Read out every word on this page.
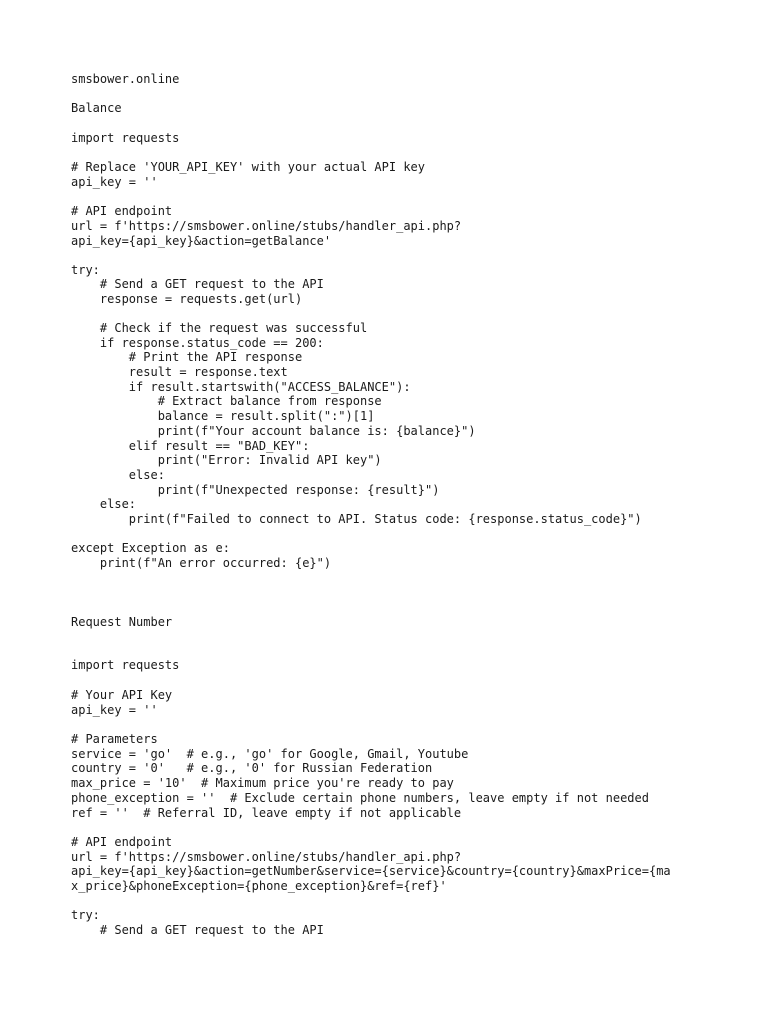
smsbower.online
Balance
import requests
# Replace 'YOUR_API_KEY' with your actual API key
api_key = ''
# API endpoint
url = f'https://smsbower.online/stubs/handler_api.php?
api_key={api_key}&action=getBalance'
try:
# Send a GET request to the API
response = requests.get(url)
# Check if the request was successful
if response.status_code == 200:
# Print the API response
result = response.text
if result.startswith("ACCESS_BALANCE"):
# Extract balance from response
balance = result.split(":")[1]
print(f"Your account balance is: {balance}")
elif result == "BAD_KEY":
print("Error: Invalid API key")
else:
print(f"Unexpected response: {result}")
else:
print(f"Failed to connect to API. Status code: {response.status_code}")
except Exception as e:
print(f"An error occurred: {e}")
Request Number
import requests
# Your API Key
api_key = ''
# Parameters
service = 'go'  # e.g., 'go' for Google, Gmail, Youtube
country = '0'   # e.g., '0' for Russian Federation
max_price = '10'  # Maximum price you're ready to pay
phone_exception = ''  # Exclude certain phone numbers, leave empty if not needed
ref = ''  # Referral ID, leave empty if not applicable
# API endpoint
url = f'https://smsbower.online/stubs/handler_api.php?
api_key={api_key}&action=getNumber&service={service}&country={country}&maxPrice={ma
x_price}&phoneException={phone_exception}&ref={ref}'
try:
# Send a GET request to the API
